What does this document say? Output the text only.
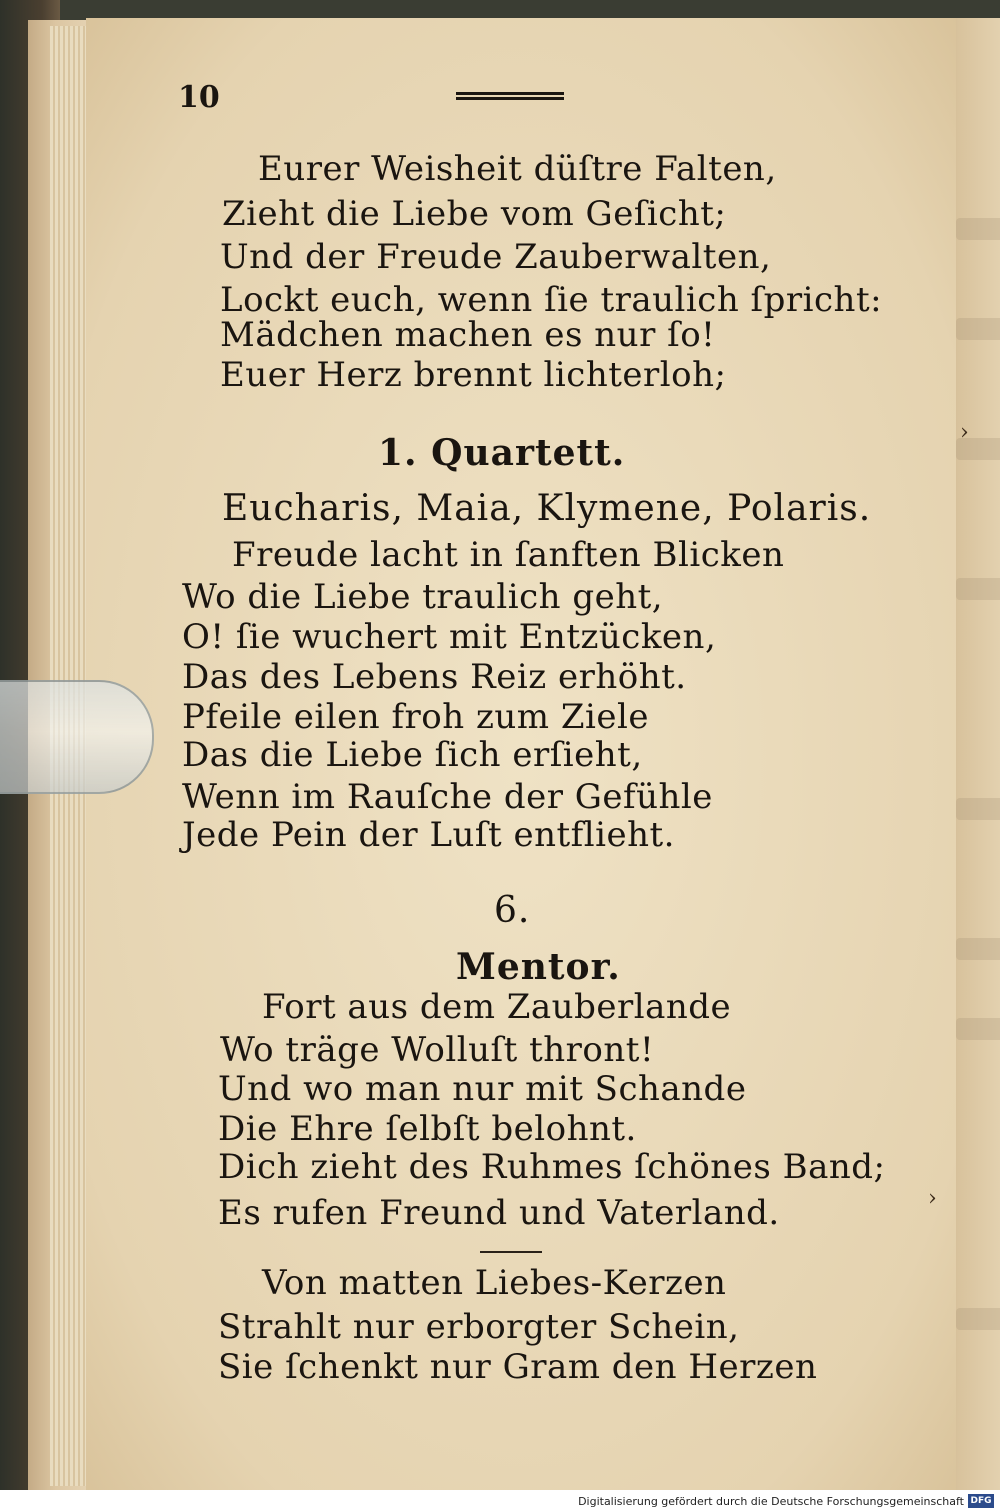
10
Eurer Weisheit düſtre Falten,
Zieht die Liebe vom Geſicht;
Und der Freude Zauberwalten,
Lockt euch, wenn ſie traulich ſpricht:
Mädchen machen es nur ſo!
Euer Herz brennt lichterloh;
1. Quartett.
Eucharis, Maia, Klymene, Polaris.
Freude lacht in ſanften Blicken
Wo die Liebe traulich geht,
O! ſie wuchert mit Entzücken,
Das des Lebens Reiz erhöht.
Pfeile eilen froh zum Ziele
Das die Liebe ſich erſieht,
Wenn im Rauſche der Gefühle
Jede Pein der Luſt entflieht.
6.
Mentor.
Fort aus dem Zauberlande
Wo träge Wolluſt thront!
Und wo man nur mit Schande
Die Ehre ſelbſt belohnt.
Dich zieht des Ruhmes ſchönes Band;
Es rufen Freund und Vaterland.
Von matten Liebes-Kerzen
Strahlt nur erborgter Schein,
Sie ſchenkt nur Gram den Herzen
›
›
Digitalisierung gefördert durch die Deutsche Forschungsgemeinschaft DFG
